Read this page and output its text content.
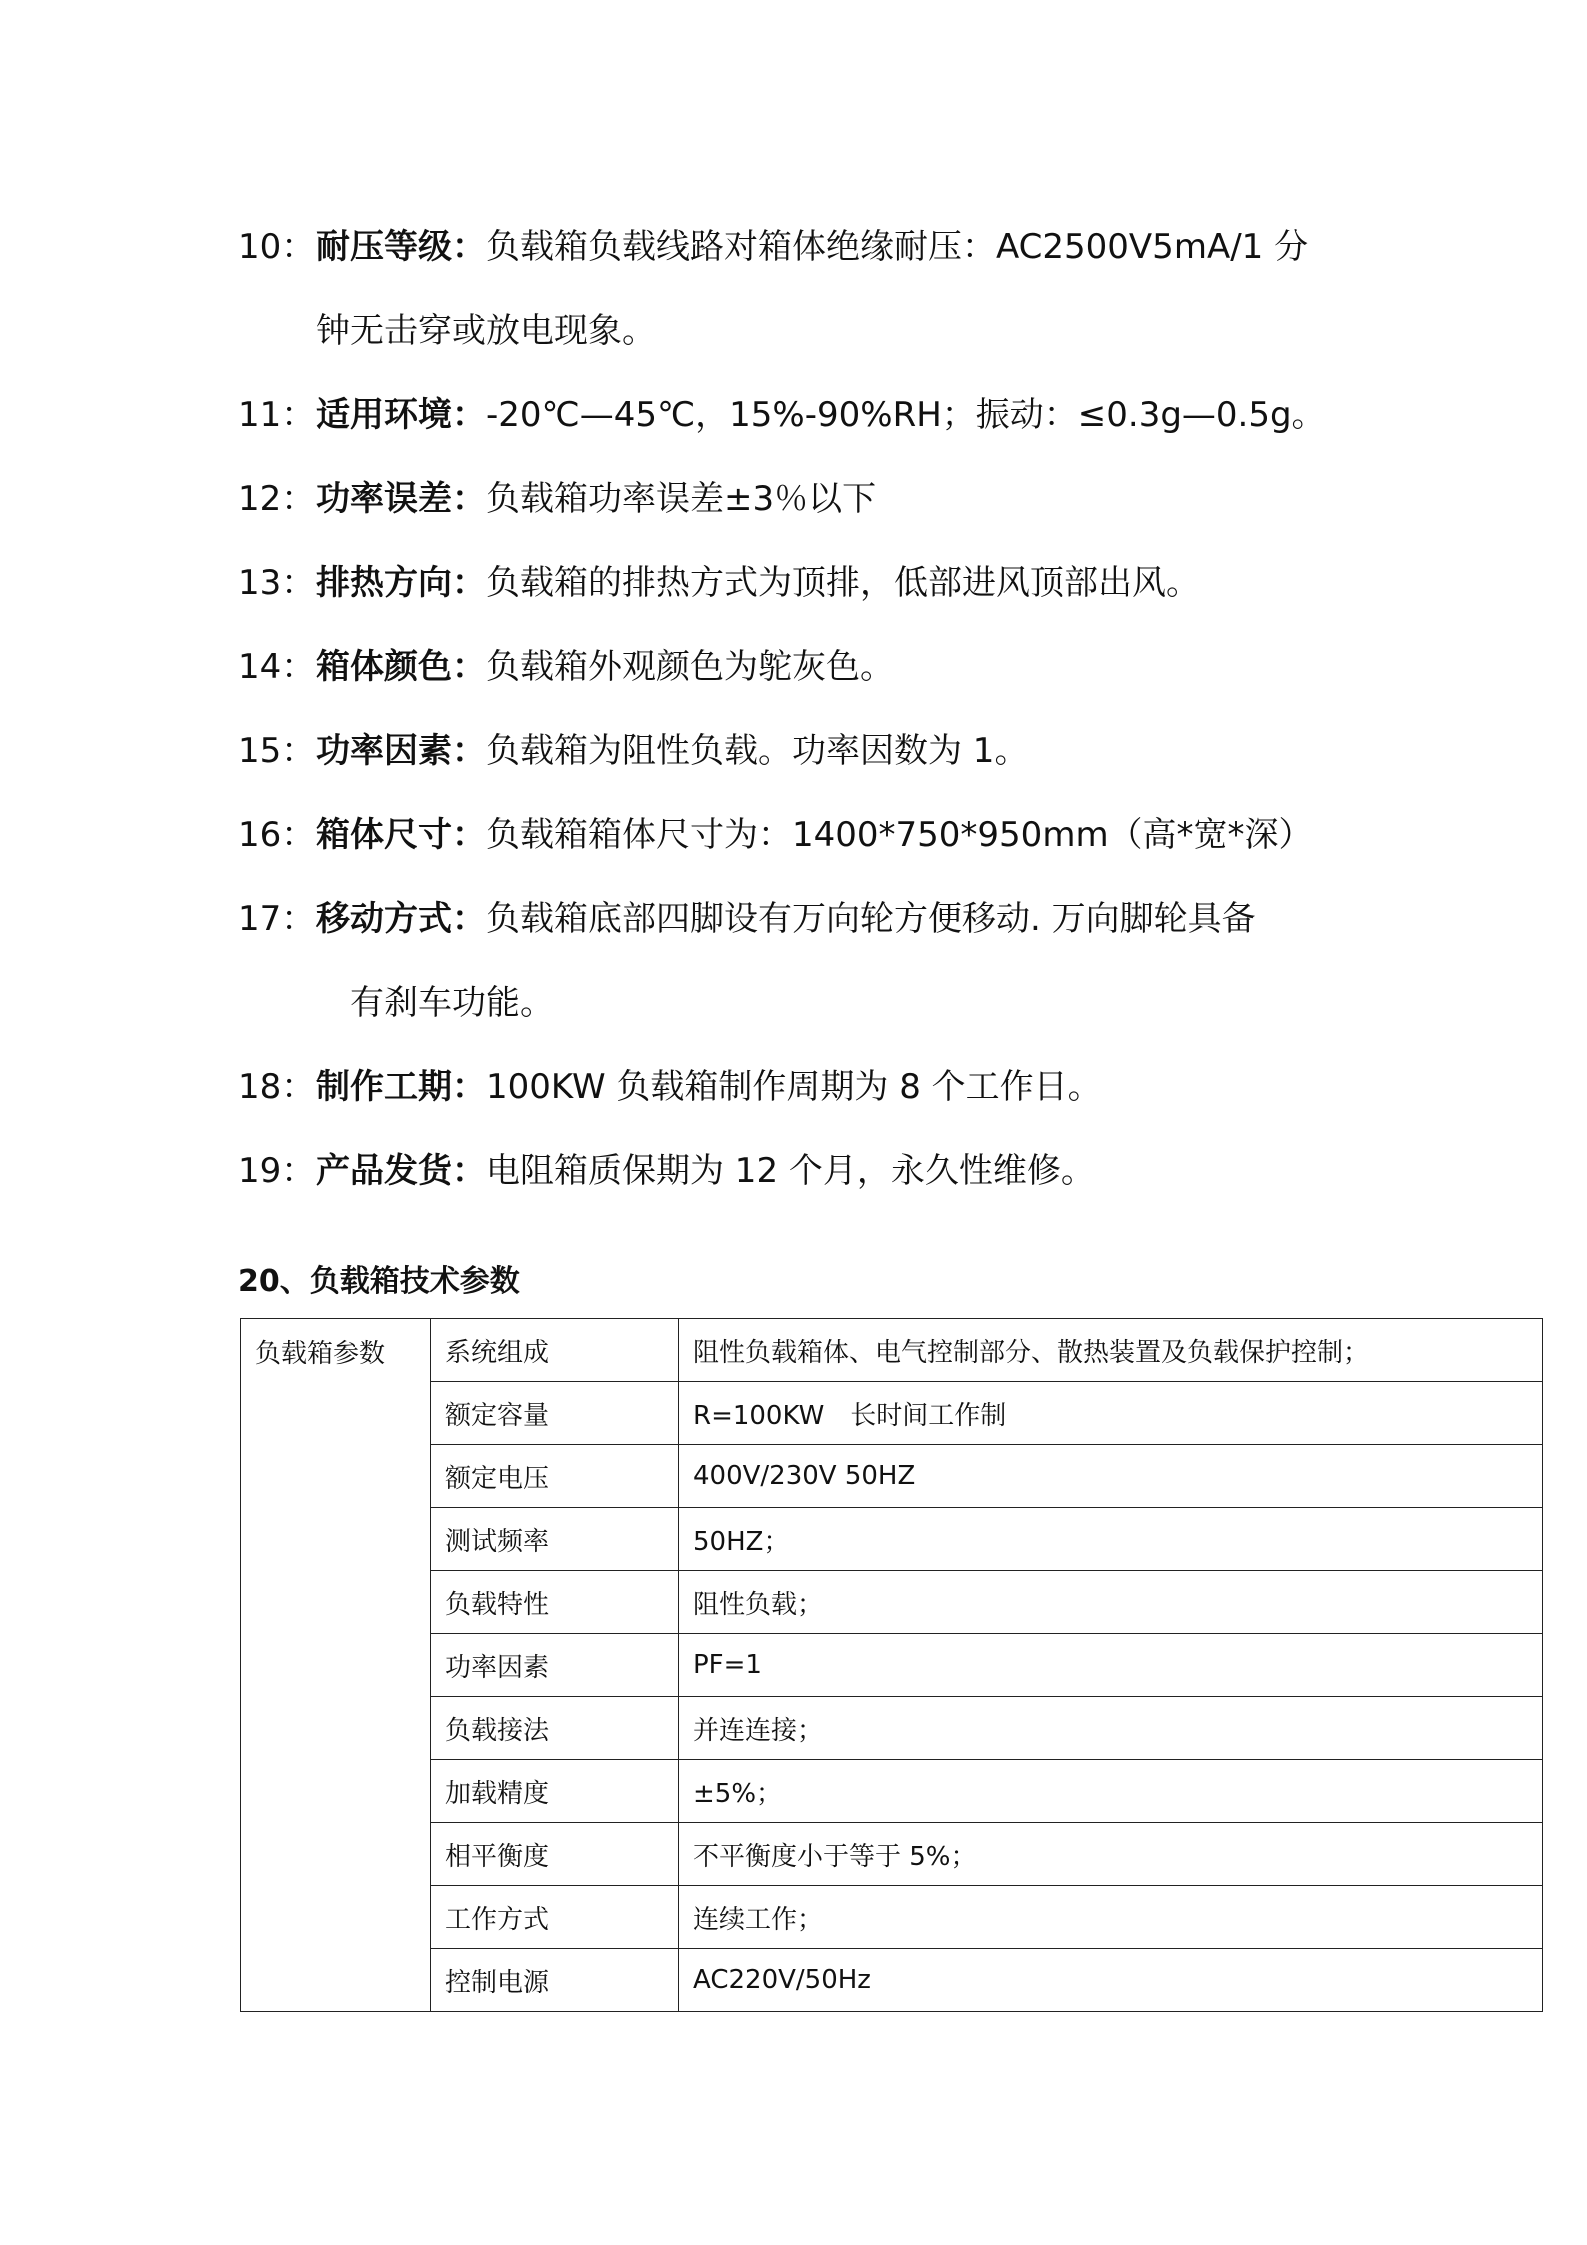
10：耐压等级：负载箱负载线路对箱体绝缘耐压：AC2500V5mA/1 分
钟无击穿或放电现象。
11：适用环境：-20℃—45℃，15%-90%RH；振动：≤0.3g—0.5g。
12：功率误差：负载箱功率误差±3％以下
13：排热方向：负载箱的排热方式为顶排，低部进风顶部出风。
14：箱体颜色：负载箱外观颜色为鸵灰色。
15：功率因素：负载箱为阻性负载。功率因数为 1。
16：箱体尺寸：负载箱箱体尺寸为：1400*750*950mm（高*宽*深）
17：移动方式：负载箱底部四脚设有万向轮方便移动. 万向脚轮具备
有刹车功能。
18：制作工期：100KW 负载箱制作周期为 8 个工作日。
19：产品发货：电阻箱质保期为 12 个月，永久性维修。
20、负载箱技术参数
负载箱参数	系统组成	阻性负载箱体、电气控制部分、散热装置及负载保护控制；
	额定容量	R=100KW　长时间工作制
	额定电压	400V/230V 50HZ
	测试频率	50HZ；
	负载特性	阻性负载；
	功率因素	PF=1
	负载接法	并连连接；
	加载精度	±5%；
	相平衡度	不平衡度小于等于 5%；
	工作方式	连续工作；
	控制电源	AC220V/50Hz
